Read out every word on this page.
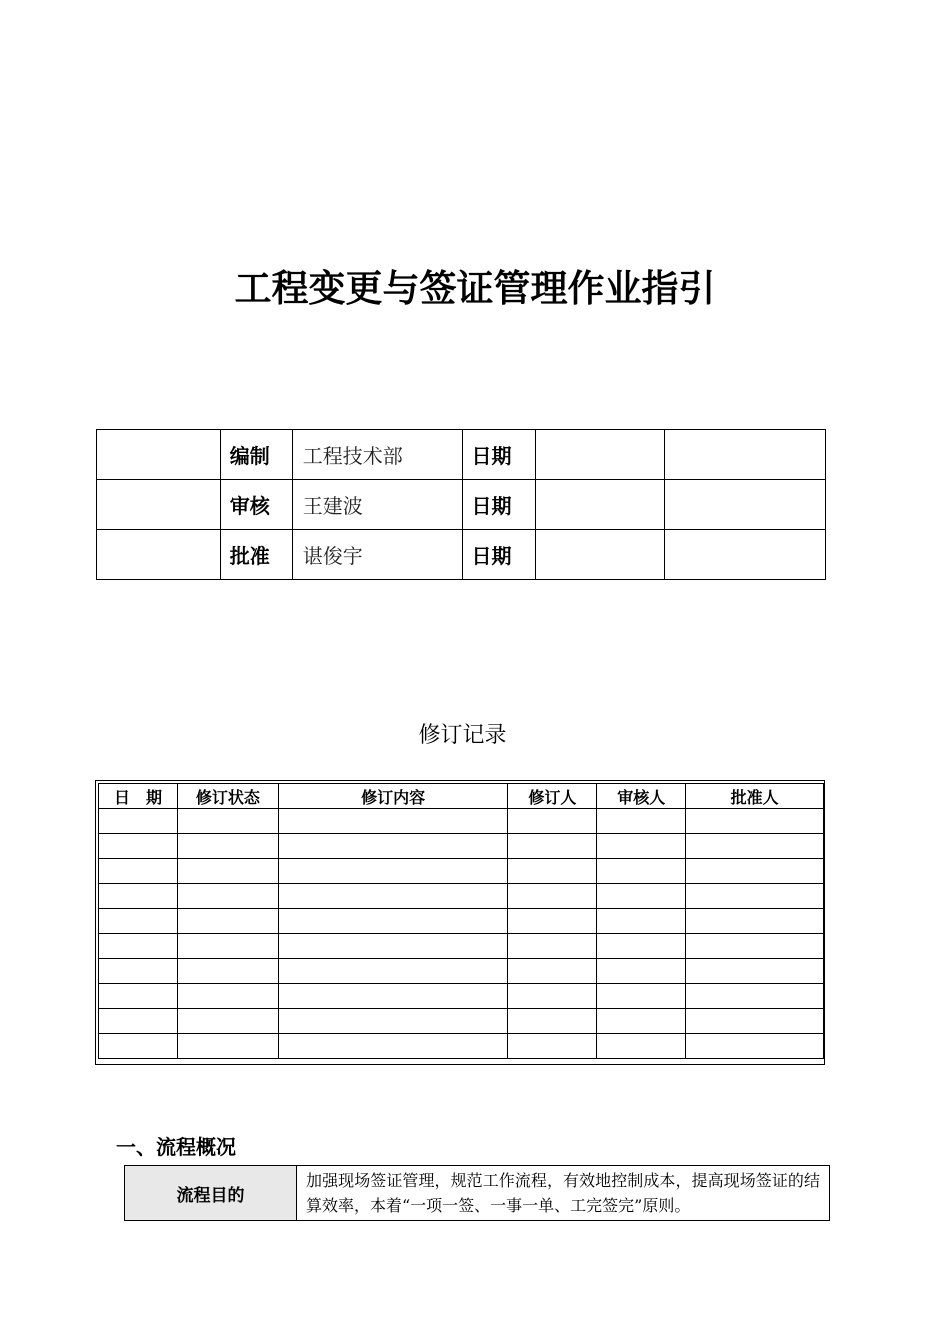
工程变更与签证管理作业指引
	编制	工程技术部	日期		
	审核	王建波	日期		
	批准	谌俊宇	日期		
修订记录
日　期	修订状态	修订内容	修订人	审核人	批准人

一、流程概况
流程目的	加强现场签证管理，规范工作流程，有效地控制成本，提高现场签证的结算效率，本着“一项一签、一事一单、工完签完”原则。
